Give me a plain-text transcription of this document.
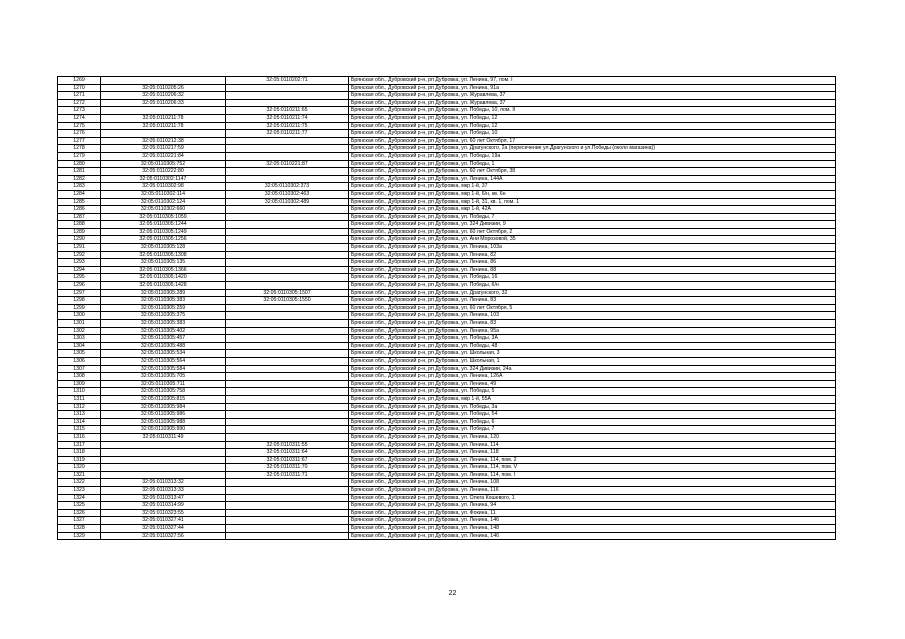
1269		32:05:0110202:71	Брянская обл., Дубровский р-н, рп Дубровка, ул. Ленина, 97, пом. I
1270	32:05:0110205:26		Брянская обл., Дубровский р-н, рп Дубровка, ул. Ленина, 91а
1271	32:05:0110206:32		Брянская обл., Дубровский р-н, рп Дубровка, ул. Журавлева, 37
1272	32:05:0110206:33		Брянская обл., Дубровский р-н, рп Дубровка, ул. Журавлева, 37
1273		32:05:0110211:65	Брянская обл., Дубровский р-н, рп Дубровка, ул. Победы, 10, пом. II
1274	32:05:0110211:78	32:05:0110211:74	Брянская обл., Дубровский р-н, рп Дубровка, ул. Победы, 12
1275	32:05:0110211:78	32:05:0110211:75	Брянская обл., Дубровский р-н, рп Дубровка, ул. Победы, 12
1276		32:05:0110211:77	Брянская обл., Дубровский р-н, рп Дубровка, ул. Победы, 10
1277	32:05:0110212:38		Брянская обл., Дубровский р-н, рп Дубровка, ул. 60 лет Октября, 17
1278	32:05:0110217:59		Брянская обл., Дубровский р-н, рп Дубровка, ул. Драгунского, 2а (пересечение ул.Драгунского и ул.Победы (около магазина))
1279	32:05:0110221:84		Брянская обл., Дубровский р-н, рп Дубровка, ул. Победы, 19а
1280	32:05:0110305:752	32:05:0110221:87	Брянская обл., Дубровский р-н, рп Дубровка, ул. Победы, 1
1281	32:05:0110222:80		Брянская обл., Дубровский р-н, рп Дубровка, ул. 60 лет Октября, 38
1282	32:05:0110302:1147		Брянская обл., Дубровский р-н, рп Дубровка, ул. Ленина, 144А
1283	32:05:0110302:98	32:05:0110302:373	Брянская обл., Дубровский р-н, рп Дубровка, мкр 1-й, 37
1284	32:05:0110302:114	32:05:0110302:463	Брянская обл., Дубровский р-н, рп Дубровка, мкр 1-й, 6/н, кв. 6н
1285	32:05:0110302:124	32:05:0110302:489	Брянская обл., Дубровский р-н, рп Дубровка, мкр 1-й, 31, кв. 1, пом. 1
1286	32:05:0110302:660		Брянская обл., Дубровский р-н, рп Дубровка, мкр 1-й, 42А
1287	32:05:0110305:1059		Брянская обл., Дубровский р-н, рп Дубровка, ул. Победы, 7
1288	32:05:0110305:1244		Брянская обл., Дубровский р-н, рп Дубровка, ул. 324 Дивизии, 9
1289	32:05:0110305:1249		Брянская обл., Дубровский р-н, рп Дубровка, ул. 60 лет Октября, 2
1290	32:05:0110305:1256		Брянская обл., Дубровский р-н, рп Дубровка, ул. Ани Морозовой, 35
1291	32:05:0110305:128		Брянская обл., Дубровский р-н, рп Дубровка, ул. Ленина, 103а
1292	32:05:0110305:1308		Брянская обл., Дубровский р-н, рп Дубровка, ул. Ленина, 82
1293	32:05:0110305:135		Брянская обл., Дубровский р-н, рп Дубровка, ул. Ленина, 86
1294	32:05:0110305:1366		Брянская обл., Дубровский р-н, рп Дубровка, ул. Ленина, 88
1295	32:05:0110305:1420		Брянская обл., Дубровский р-н, рп Дубровка, ул. Победы, 16
1296	32:05:0110305:1428		Брянская обл., Дубровский р-н, рп Дубровка, ул. Победы, 6/н
1297	32:05:0110305:289	32:05:0110305:1507	Брянская обл., Дубровский р-н, рп Дубровка, ул. Драгунского, 32
1298	32:05:0110305:383	32:05:0110305:1550	Брянская обл., Дубровский р-н, рп Дубровка, ул. Ленина, 83
1299	32:05:0110305:259		Брянская обл., Дубровский р-н, рп Дубровка, ул. 60 лет Октября, 5
1300	32:05:0110305:375		Брянская обл., Дубровский р-н, рп Дубровка, ул. Ленина, 103
1301	32:05:0110305:383		Брянская обл., Дубровский р-н, рп Дубровка, ул. Ленина, 83
1302	32:05:0110305:402		Брянская обл., Дубровский р-н, рп Дубровка, ул. Ленина, 95а
1303	32:05:0110305:457		Брянская обл., Дубровский р-н, рп Дубровка, ул. Победы, 3А
1304	32:05:0110305:488		Брянская обл., Дубровский р-н, рп Дубровка, ул. Победы, 48
1305	32:05:0110305:534		Брянская обл., Дубровский р-н, рп Дубровка, ул. Школьная, 3
1306	32:05:0110305:564		Брянская обл., Дубровский р-н, рп Дубровка, ул. Школьная, 1
1307	32:05:0110305:584		Брянская обл., Дубровский р-н, рп Дубровка, ул. 324 Дивизии, 24а
1308	32:05:0110305:705		Брянская обл., Дубровский р-н, рп Дубровка, ул. Ленина, 126А
1309	32:05:0110305:711		Брянская обл., Дубровский р-н, рп Дубровка, ул. Ленина, 49
1310	32:05:0110305:758		Брянская обл., Дубровский р-н, рп Дубровка, ул. Победы, 5
1311	32:05:0110305:815		Брянская обл., Дубровский р-н, рп Дубровка, мкр 1-й, 55А
1312	32:05:0110305:984		Брянская обл., Дубровский р-н, рп Дубровка, ул. Победы, 3а
1313	32:05:0110305:986		Брянская обл., Дубровский р-н, рп Дубровка, ул. Победы, 54
1314	32:05:0110305:988		Брянская обл., Дубровский р-н, рп Дубровка, ул. Победы, 6
1315	32:05:0110305:990		Брянская обл., Дубровский р-н, рп Дубровка, ул. Победы, 7
1316	32:05:0110311:49		Брянская обл., Дубровский р-н, рп Дубровка, ул. Ленина, 120
1317		32:05:0110311:55	Брянская обл., Дубровский р-н, рп Дубровка, ул. Ленина, 114
1318		32:05:0110311:64	Брянская обл., Дубровский р-н, рп Дубровка, ул. Ленина, 118
1319		32:05:0110311:67	Брянская обл., Дубровский р-н, рп Дубровка, ул. Ленина, 114, пом. 2
1320		32:05:0110311:70	Брянская обл., Дубровский р-н, рп Дубровка, ул. Ленина, 114, пом. V
1321		32:05:0110311:71	Брянская обл., Дубровский р-н, рп Дубровка, ул. Ленина, 114, пом. I
1322	32:05:0110313:32		Брянская обл., Дубровский р-н, рп Дубровка, ул. Ленина, 108
1323	32:05:0110313:33		Брянская обл., Дубровский р-н, рп Дубровка, ул. Ленина, 116
1324	32:05:0110313:47		Брянская обл., Дубровский р-н, рп Дубровка, ул. Олега Кошевого, 1
1325	32:05:0110314:99		Брянская обл., Дубровский р-н, рп Дубровка, ул. Ленина, 94
1326	32:05:0110323:55		Брянская обл., Дубровский р-н, рп Дубровка, ул. Фокина, 11
1327	32:05:0110327:41		Брянская обл., Дубровский р-н, рп Дубровка, ул. Ленина, 146
1328	32:05:0110327:44		Брянская обл., Дубровский р-н, рп Дубровка, ул. Ленина, 148
1329	32:05:0110327:56		Брянская обл., Дубровский р-н, рп Дубровка, ул. Ленина, 146
22
